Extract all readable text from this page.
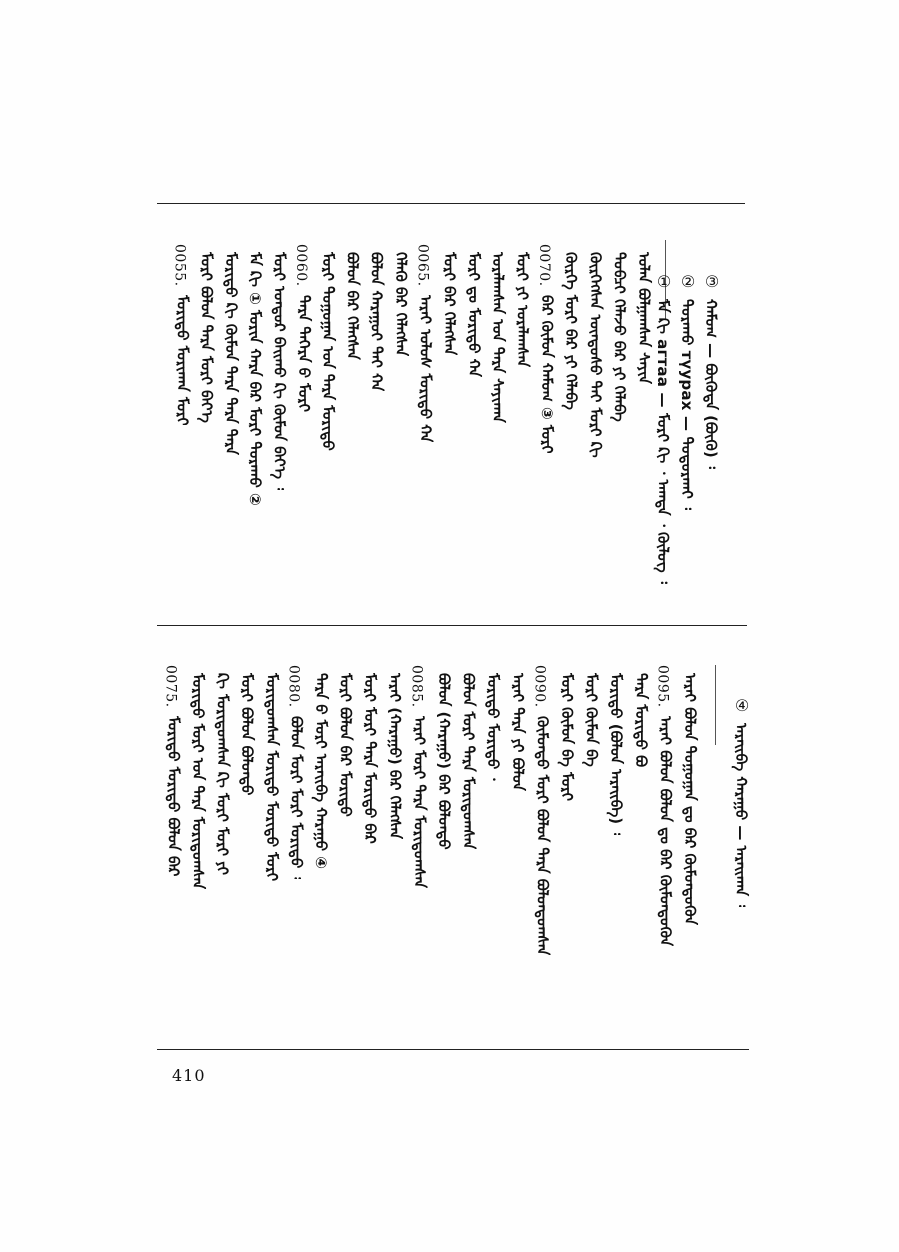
③
ᠬᠠᠮᠤᠭ — ᠪᠦᠭᠦᠳᠡ (ᠪᠦᠬᠦ) ᠄
②
ᠲᠤᠷᠠᠬᠤ түурах — ᠲᠤᠳᠤᠷᠬᠠᠢ ᠄
①
ᠮᠡ ᠺᠢ агтаа — ᠮᠣᠷᠢ ᠺᠢ ᠂ ᠠᠭᠲᠠ ᠂ ᠬᠦᠯᠦᠭ ᠄
ᠣᠯᠠᠨ ᠪᠣᠯᠭᠠᠭᠰᠠᠨ ᠰᠠᠶᠢᠨ
ᠲᠣᠪᠴᠢ ᠬᠡᠯᠡᠵᠦ ᠪᠡᠷ ᠶᠢ ᠬᠡᠯᠡᠪᠡ
ᠬᠦᠷᠬᠡᠭᠰᠡᠨ ᠦᠨᠳᠦᠰᠦ ᠲᠠᠢ ᠮᠣᠷᠢ ᠺᠢ
ᠬᠦᠷᠬᠡ ᠮᠣᠷᠢ ᠪᠡᠷ ᠶᠢ ᠬᠡᠯᠡᠪᠡ
0070.
ᠪᠡᠷ ᠬᠦᠮᠦᠨ ᠬᠠᠮᠤᠭ ③ ᠮᠣᠷᠢ
ᠮᠣᠷᠢ ᠶᠢ ᠤᠷᠠᠯᠠᠭᠰᠠᠨ
ᠤᠷᠠᠯᠠᠭᠰᠠᠨ ᠤᠨ ᠲᠡᠷᠡ ᠰᠠᠶᠢᠬᠠᠨ
ᠮᠣᠷᠢ ᠳᠤ ᠮᠣᠷᠢᠳᠤ ᠬᠠ
ᠮᠣᠷᠢ ᠪᠡᠷ ᠬᠡᠯᠡᠭᠰᠡᠨ
0065.
ᠠᠷᠠᠢ ᠤᠯᠤᠰ ᠮᠣᠷᠢᠳᠤ ᠬᠠ
ᠬᠡᠯᠡᠬᠦ ᠪᠡᠷ ᠬᠡᠯᠡᠭᠰᠡᠨ
ᠪᠣᠯᠤᠨ ᠬᠠᠷᠠᠭᠤᠢ ᠲᠡᠶ ᠬᠠ
ᠪᠣᠯᠤᠨ ᠪᠡᠷ ᠬᠡᠯᠡᠭᠰᠡᠨ
ᠮᠣᠷᠢ ᠲᠣᠭᠣᠭᠠᠨ ᠤᠨ ᠲᠡᠷᠡ ᠮᠣᠷᠢᠳᠤ
0060.
ᠲᠡᠷᠡ ᠳᠡᠭᠡᠷᠡ ᠪ ᠮᠣᠷᠢ
ᠮᠣᠷᠢ ᠤᠨᠳᠤᠷ ᠪᠠᠢᠬᠤ ᠺᠢ ᠬᠦᠮᠦᠨ ᠪᠡᠶ᠎ᠡ ᠄
ᠮᠡ ᠺᠢ ① ᠮᠣᠷᠢᠨ ᠬᠠᠷᠠ ᠪᠡᠷ ᠮᠣᠷᠢ ᠲᠤᠷᠠᠬᠤ ②
ᠮᠣᠷᠢᠳᠤ ᠺᠢ ᠬᠦᠮᠦᠨ ᠲᠡᠷᠡ ᠲᠡᠷᠡ ᠲᠡᠷᠡ
ᠮᠣᠷᠢ ᠪᠣᠯᠤᠨ ᠲᠡᠷᠡ ᠮᠣᠷᠢ ᠪᠡᠶ᠎ᠡ
0055.
ᠮᠣᠷᠢᠳᠤ ᠮᠣᠷᠢᠬᠠᠨ ᠮᠣᠷᠢ
④
ᠠᠷᠠᠢᠪᠠ ᠬᠠᠷᠠᠭᠤ — ᠠᠷᠠᠢᠬᠠᠨ ᠄
ᠠᠷᠠᠢ ᠪᠣᠯᠤᠨ ᠲᠣᠭᠣᠭᠠᠨ ᠳᠤ ᠪᠡᠷ ᠬᠦᠮᠦᠨᠳᠦᠭᠦᠨ
0095.
ᠠᠷᠠᠢ ᠪᠣᠯᠤᠨ ᠪᠣᠯᠤᠨ ᠳᠤ ᠪᠡᠷ ᠬᠦᠮᠦᠨᠳᠦᠭᠦᠨ
ᠲᠡᠷᠡ ᠮᠣᠷᠢᠳᠤ ᠪᠣ
ᠮᠣᠷᠢᠳᠤ (ᠪᠣᠯᠤᠨ ᠠᠷᠠᠢᠪᠠ) ᠄
ᠮᠣᠷᠢ ᠬᠦᠮᠦᠨ ᠪᠠ
ᠮᠣᠷᠢ ᠬᠦᠮᠦᠨ ᠪᠠ ᠮᠣᠷᠢ
0090.
ᠬᠦᠮᠦᠨᠳᠦ ᠮᠣᠷᠢ ᠪᠣᠯᠤᠨ ᠲᠡᠷᠡ ᠪᠣᠯᠤᠨᠳᠤᠭᠰᠠᠨ
ᠠᠷᠠᠢ ᠲᠡᠷᠡ ᠶᠢ ᠪᠣᠯᠤᠨ
ᠮᠣᠷᠢᠳᠤ ᠮᠣᠷᠢᠳᠤ ᠂
ᠪᠣᠯᠤᠨ ᠮᠣᠷᠢ ᠲᠡᠷᠡ ᠮᠣᠷᠢᠳᠤᠭᠰᠠᠨ
ᠪᠣᠯᠤᠨ (ᠬᠠᠷᠠᠭᠤ) ᠪᠡᠷ ᠪᠣᠯᠤᠨᠳᠤ
0085.
ᠠᠷᠠᠢ ᠮᠣᠷᠢ ᠲᠡᠷᠡ ᠮᠣᠷᠢᠳᠤᠭᠰᠠᠨ
ᠠᠷᠠᠢ (ᠬᠠᠷᠠᠭᠤ) ᠪᠡᠷ ᠬᠡᠯᠡᠭᠰᠡᠨ
ᠮᠣᠷᠢ ᠮᠣᠷᠢ ᠲᠡᠷᠡ ᠮᠣᠷᠢᠳᠤ ᠪᠡᠷ
ᠮᠣᠷᠢ ᠪᠣᠯᠤᠨ ᠪᠡᠷ ᠮᠣᠷᠢᠳᠤ
ᠲᠡᠷᠡ ᠪ ᠮᠣᠷᠢ ᠠᠷᠠᠢᠪᠠ ᠬᠠᠷᠠᠭᠤ ④
0080.
ᠪᠣᠯᠤᠨ ᠮᠣᠷᠢ ᠮᠣᠷᠢ ᠮᠣᠷᠢᠳᠤ ᠄
ᠮᠣᠷᠢᠳᠤᠭᠰᠠᠨ ᠮᠣᠷᠢᠳᠤ ᠮᠣᠷᠢᠳᠤ ᠮᠣᠷᠢ
ᠮᠣᠷᠢ ᠪᠣᠯᠤᠨ ᠪᠣᠯᠤᠨᠳᠤ
ᠺᠢ ᠮᠣᠷᠢᠳᠤᠭᠰᠠᠨ ᠺᠢ ᠮᠣᠷᠢ ᠮᠣᠷᠢ ᠶᠢ
ᠮᠣᠷᠢᠳᠤ ᠮᠣᠷᠢ ᠤᠨ ᠲᠡᠷᠡ ᠮᠣᠷᠢᠳᠤᠭᠰᠠᠨ
0075.
ᠮᠣᠷᠢᠳᠤ ᠮᠣᠷᠢᠳᠤ ᠪᠣᠯᠤᠨ ᠪᠡᠷ
410
